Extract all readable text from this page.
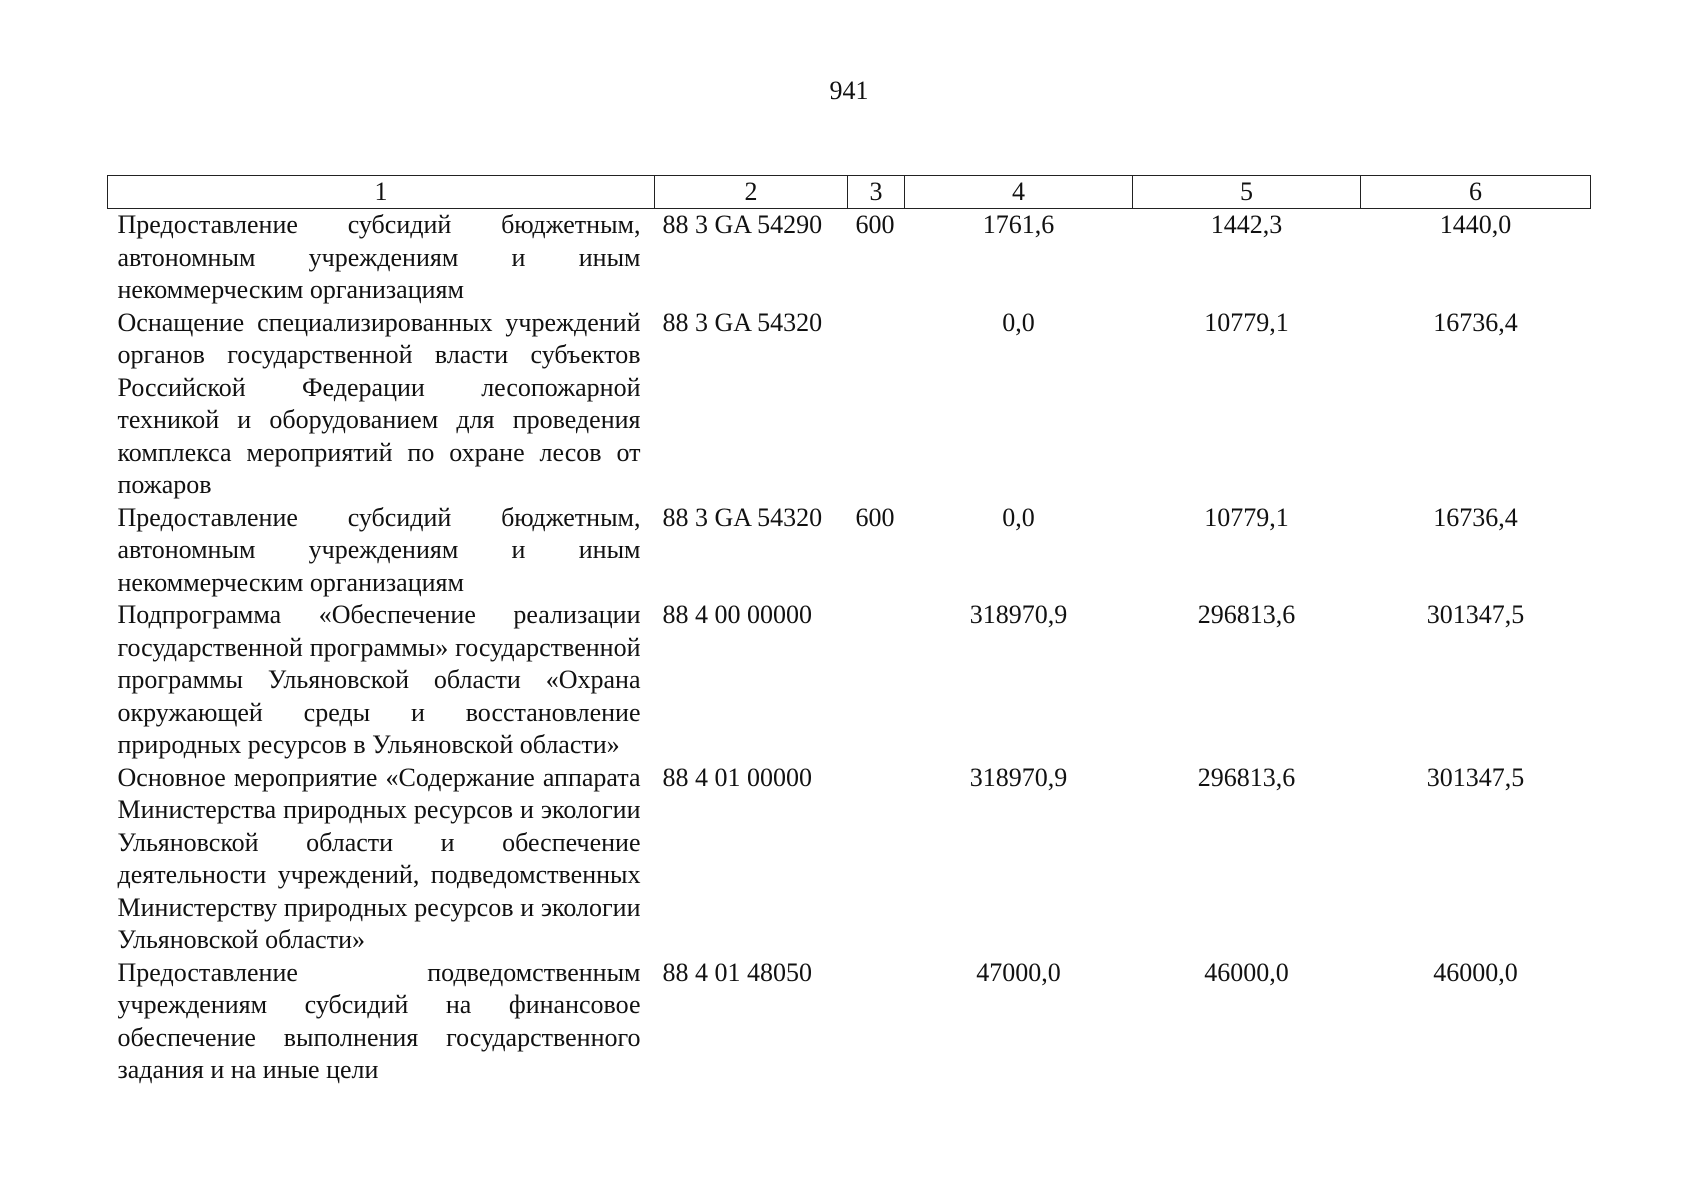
941
1	2	3	4	5	6
Предоставление субсидий бюджетным, автономным учреждениям и иным некоммерческим организациям	88 3 GA 54290	600	1761,6	1442,3	1440,0
Оснащение специализированных учреждений органов государственной власти субъектов Российской Федерации лесопожарной техникой и оборудованием для проведения комплекса мероприятий по охране лесов от пожаров	88 3 GA 54320		0,0	10779,1	16736,4
Предоставление субсидий бюджетным, автономным учреждениям и иным некоммерческим организациям	88 3 GA 54320	600	0,0	10779,1	16736,4
Подпрограмма «Обеспечение реализации государственной программы» государственной программы Ульяновской области «Охрана окружающей среды и восстановление природных ресурсов в Ульяновской области»	88 4 00 00000		318970,9	296813,6	301347,5
Основное мероприятие «Содержание аппарата Министерства природных ресурсов и экологии Ульяновской области и обеспечение деятельности учреждений, подведомственных Министерству природных ресурсов и экологии Ульяновской области»	88 4 01 00000		318970,9	296813,6	301347,5
Предоставление подведомственным учреждениям субсидий на финансовое обеспечение выполнения государственного задания и на иные цели	88 4 01 48050		47000,0	46000,0	46000,0
